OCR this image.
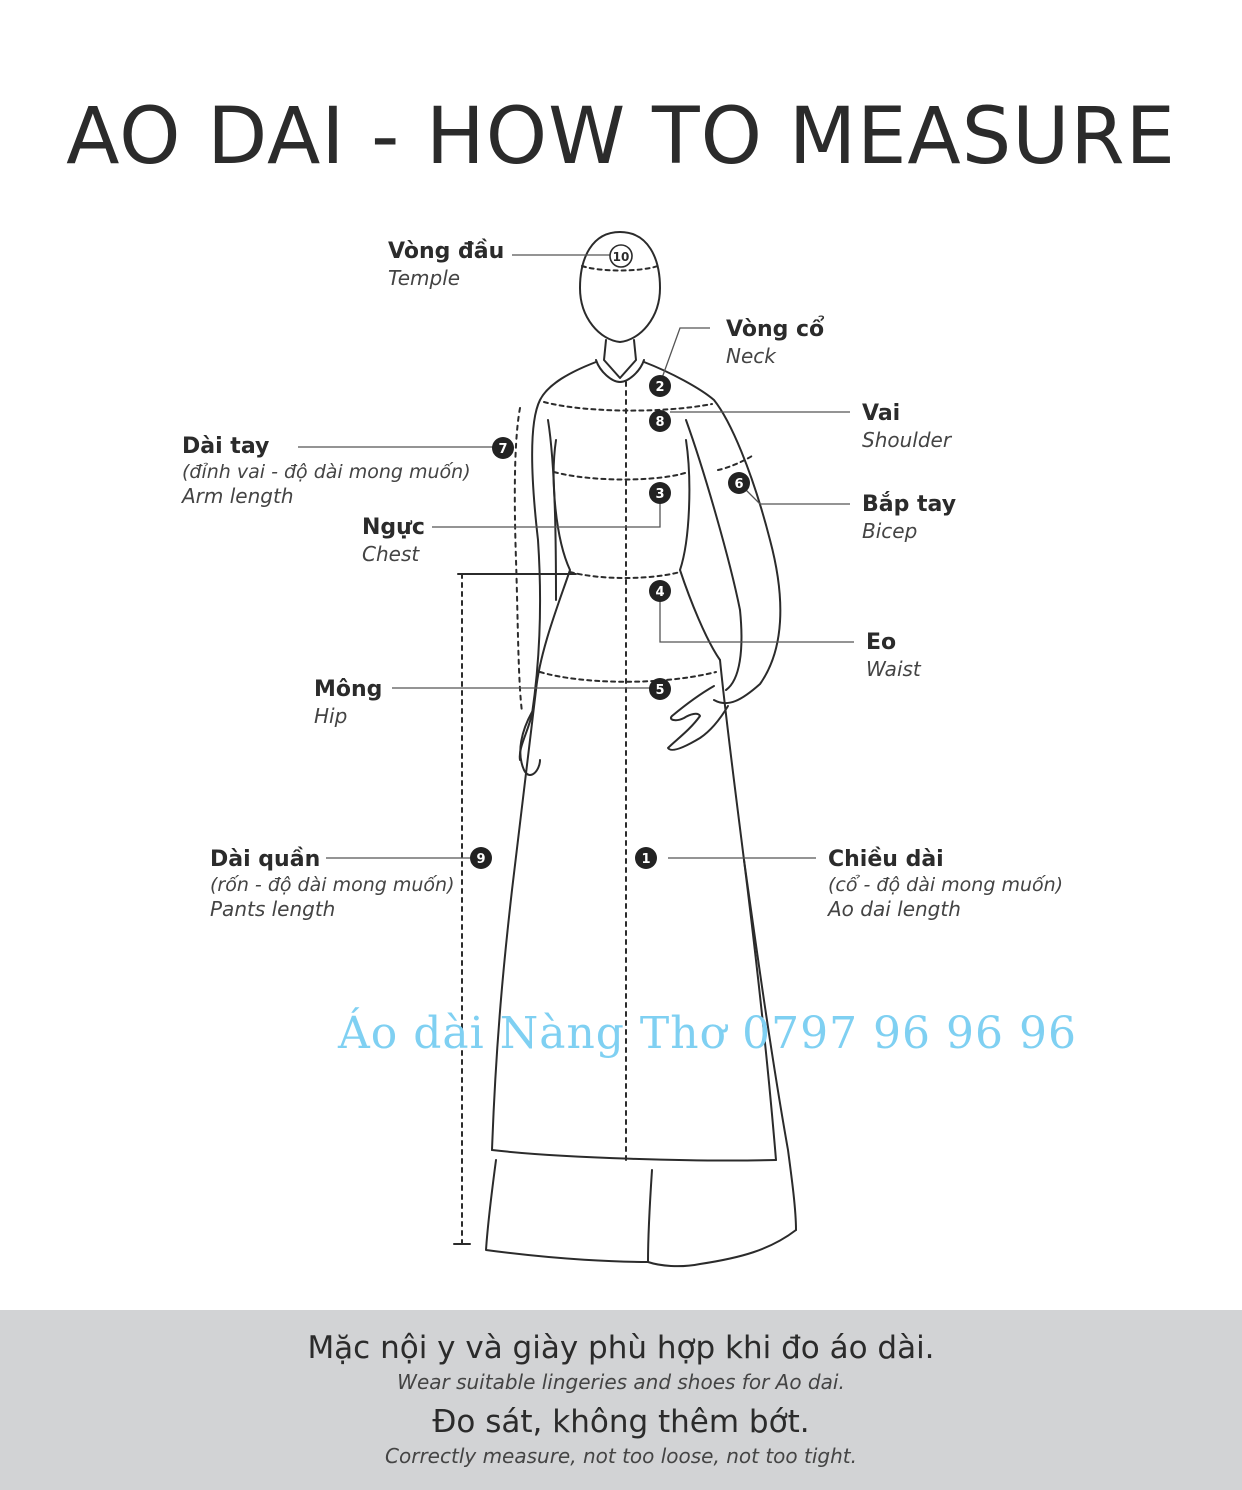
AO DAI - HOW TO MEASURE
10
2
8
7
6
3
4
5
9	1
Vòng đầu
Temple
Vòng cổ
Neck
Vai
Shoulder
Dài tay
(đỉnh vai - độ dài mong muốn)
Arm length	Bắp tay
Bicep
Ngực
Chest
Eo
Waist
Mông
Hip
Dài quần
(rốn - độ dài mong muốn)
Pants length
Chiều dài
(cổ - độ dài mong muốn)
Ao dai length
Áo dài Nàng Thơ 0797 96 96 96
Mặc nội y và giày phù hợp khi đo áo dài.
Wear suitable lingeries and shoes for Ao dai.
Đo sát, không thêm bớt.
Correctly measure, not too loose, not too tight.
